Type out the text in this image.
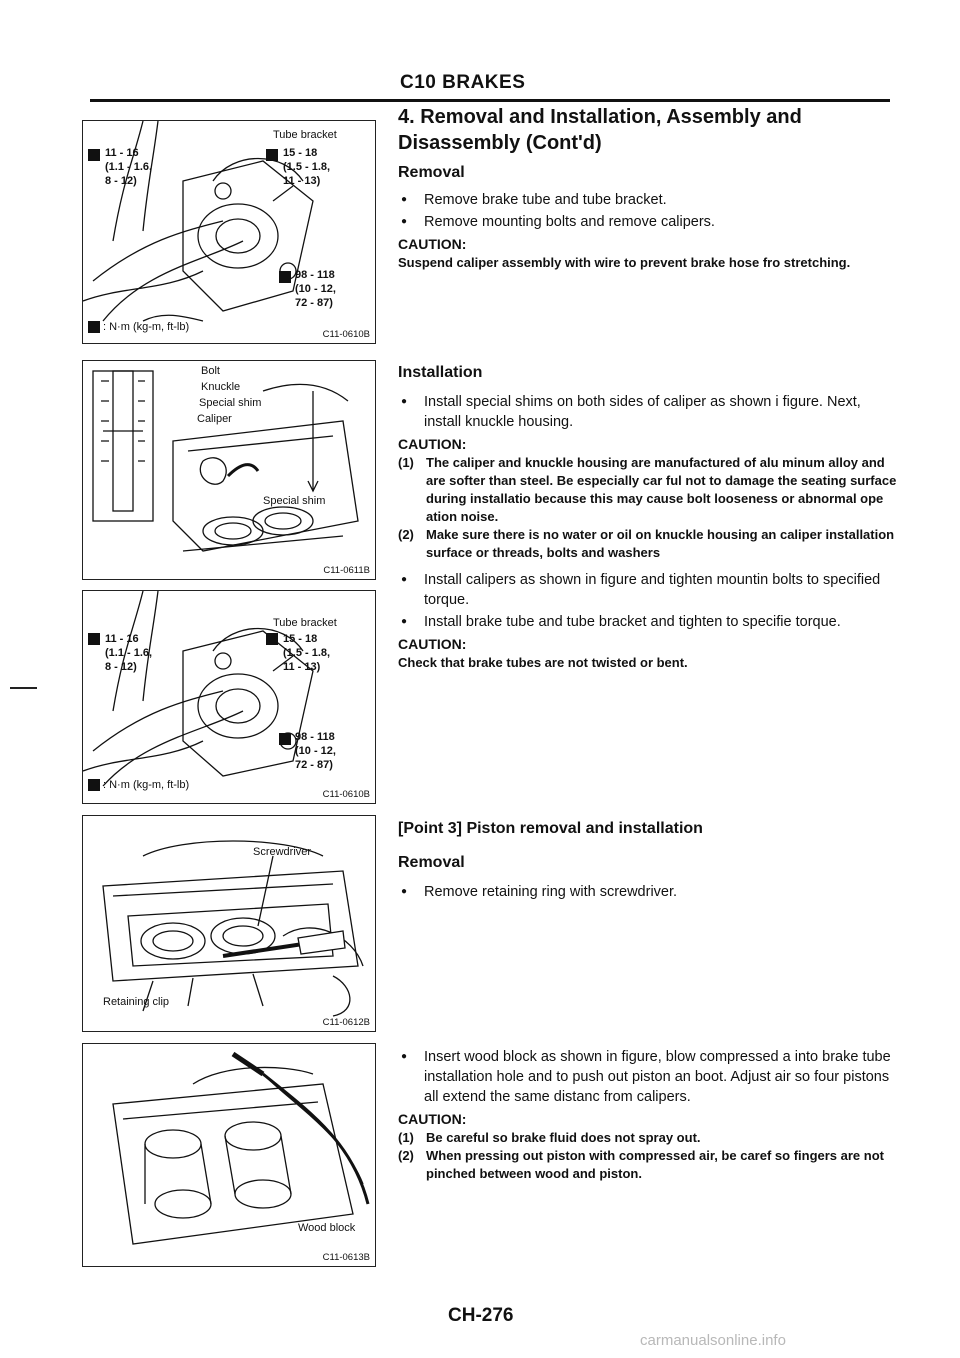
C10 BRAKES
Tube bracket
11 - 16
(1.1 - 1.6,
8 - 12)
15 - 18
(1.5 - 1.8,
11 - 13)
98 - 118
(10 - 12,
72 - 87)
: N·m (kg-m, ft-lb)
C11-0610B
Bolt
Knuckle
Special shim
Caliper
Special shim
C11-0611B
Tube bracket
11 - 16
(1.1 - 1.6,
8 - 12)
15 - 18
(1.5 - 1.8,
11 - 13)
98 - 118
(10 - 12,
72 - 87)
: N·m (kg-m, ft-lb)
C11-0610B
Screwdriver
Retaining clip
C11-0612B
Wood block
C11-0613B

4. Removal and Installation, Assembly and

Disassembly (Cont'd)

Removal

● Remove brake tube and tube bracket.
● Remove mounting bolts and remove calipers.
CAUTION:
Suspend caliper assembly with wire to prevent brake hose fro stretching.

Installation

● Install special shims on both sides of caliper as shown i figure. Next, install knuckle housing.
CAUTION:
(1) The caliper and knuckle housing are manufactured of alu minum alloy and are softer than steel. Be especially car ful not to damage the seating surface during installatio because this may cause bolt looseness or abnormal ope ation noise.
(2) Make sure there is no water or oil on knuckle housing an caliper installation surface or threads, bolts and washers
● Install calipers as shown in figure and tighten mountin bolts to specified torque.
● Install brake tube and tube bracket and tighten to specifie torque.
CAUTION:
Check that brake tubes are not twisted or bent.

[Point 3] Piston removal and installation

Removal

● Remove retaining ring with screwdriver.
● Insert wood block as shown in figure, blow compressed a into brake tube installation hole and to push out piston an boot. Adjust air so four pistons all extend the same distanc from calipers.
CAUTION:
(1) Be careful so brake fluid does not spray out.
(2) When pressing out piston with compressed air, be caref so fingers are not pinched between wood and piston.
CH-276
carmanualsonline.info
